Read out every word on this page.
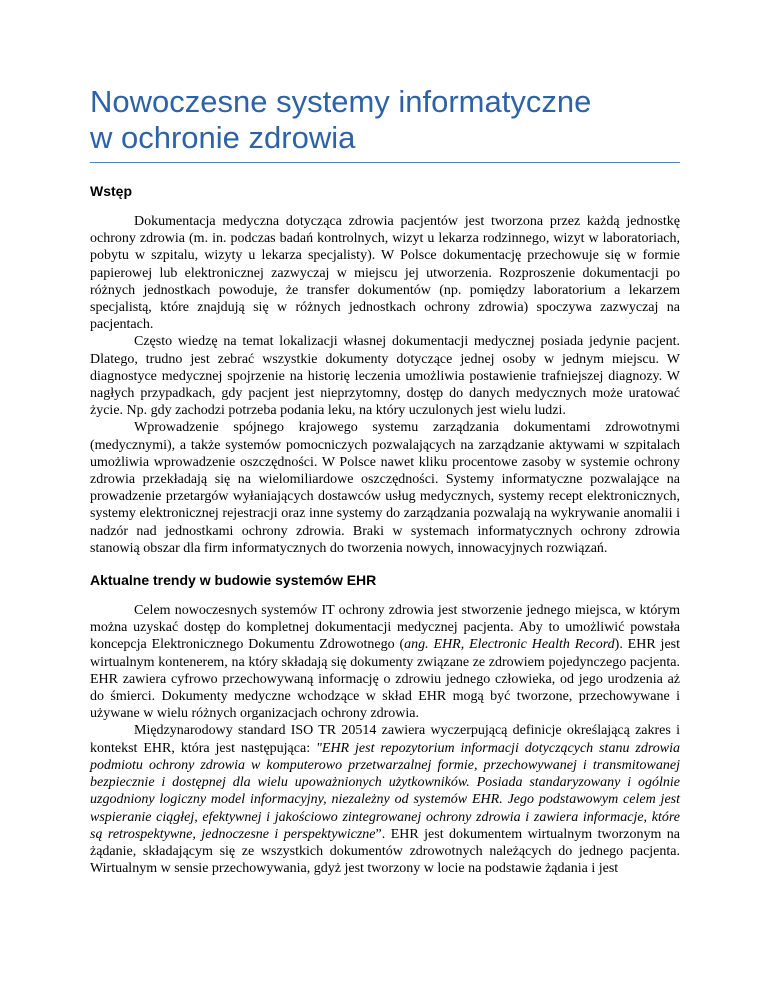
Nowoczesne systemy informatyczne
w ochronie zdrowia
Wstęp

Dokumentacja medyczna dotycząca zdrowia pacjentów jest tworzona przez każdą jednostkę ochrony zdrowia (m. in. podczas badań kontrolnych, wizyt u lekarza rodzinnego, wizyt w laboratoriach, pobytu w szpitalu, wizyty u lekarza specjalisty). W Polsce dokumentację przechowuje się w formie papierowej lub elektronicznej zazwyczaj w miejscu jej utworzenia. Rozproszenie dokumentacji po różnych jednostkach powoduje, że transfer dokumentów (np. pomiędzy laboratorium a lekarzem specjalistą, które znajdują się w różnych jednostkach ochrony zdrowia) spoczywa zazwyczaj na pacjentach.

Często wiedzę na temat lokalizacji własnej dokumentacji medycznej posiada jedynie pacjent. Dlatego, trudno jest zebrać wszystkie dokumenty dotyczące jednej osoby w jednym miejscu. W diagnostyce medycznej spojrzenie na historię leczenia umożliwia postawienie trafniejszej diagnozy. W nagłych przypadkach, gdy pacjent jest nieprzytomny, dostęp do danych medycznych może uratować życie. Np. gdy zachodzi potrzeba podania leku, na który uczulonych jest wielu ludzi.

Wprowadzenie spójnego krajowego systemu zarządzania dokumentami zdrowotnymi (medycznymi), a także systemów pomocniczych pozwalających na zarządzanie aktywami w szpitalach umożliwia wprowadzenie oszczędności. W Polsce nawet kliku procentowe zasoby w systemie ochrony zdrowia przekładają się na wielomiliardowe oszczędności. Systemy informatyczne pozwalające na prowadzenie przetargów wyłaniających dostawców usług medycznych, systemy recept elektronicznych, systemy elektronicznej rejestracji oraz inne systemy do zarządzania pozwalają na wykrywanie anomalii i nadzór nad jednostkami ochrony zdrowia. Braki w systemach informatycznych ochrony zdrowia stanowią obszar dla firm informatycznych do tworzenia nowych, innowacyjnych rozwiązań.

Aktualne trendy w budowie systemów EHR

Celem nowoczesnych systemów IT ochrony zdrowia jest stworzenie jednego miejsca, w którym można uzyskać dostęp do kompletnej dokumentacji medycznej pacjenta. Aby to umożliwić powstała koncepcja Elektronicznego Dokumentu Zdrowotnego (ang. EHR, Electronic Health Record). EHR jest wirtualnym kontenerem, na który składają się dokumenty związane ze zdrowiem pojedynczego pacjenta. EHR zawiera cyfrowo przechowywaną informację o zdrowiu jednego człowieka, od jego urodzenia aż do śmierci. Dokumenty medyczne wchodzące w skład EHR mogą być tworzone, przechowywane i używane w wielu różnych organizacjach ochrony zdrowia.

Międzynarodowy standard ISO TR 20514 zawiera wyczerpującą definicje określającą zakres i kontekst EHR, która jest następująca: "EHR jest repozytorium informacji dotyczących stanu zdrowia podmiotu ochrony zdrowia w komputerowo przetwarzalnej formie, przechowywanej i transmitowanej bezpiecznie i dostępnej dla wielu upoważnionych użytkowników. Posiada standaryzowany i ogólnie uzgodniony logiczny model informacyjny, niezależny od systemów EHR. Jego podstawowym celem jest wspieranie ciągłej, efektywnej i jakościowo zintegrowanej ochrony zdrowia i zawiera informacje, które są retrospektywne, jednoczesne i perspektywiczne”. EHR jest dokumentem wirtualnym tworzonym na żądanie, składającym się ze wszystkich dokumentów zdrowotnych należących do jednego pacjenta. Wirtualnym w sensie przechowywania, gdyż jest tworzony w locie na podstawie żądania i jest
